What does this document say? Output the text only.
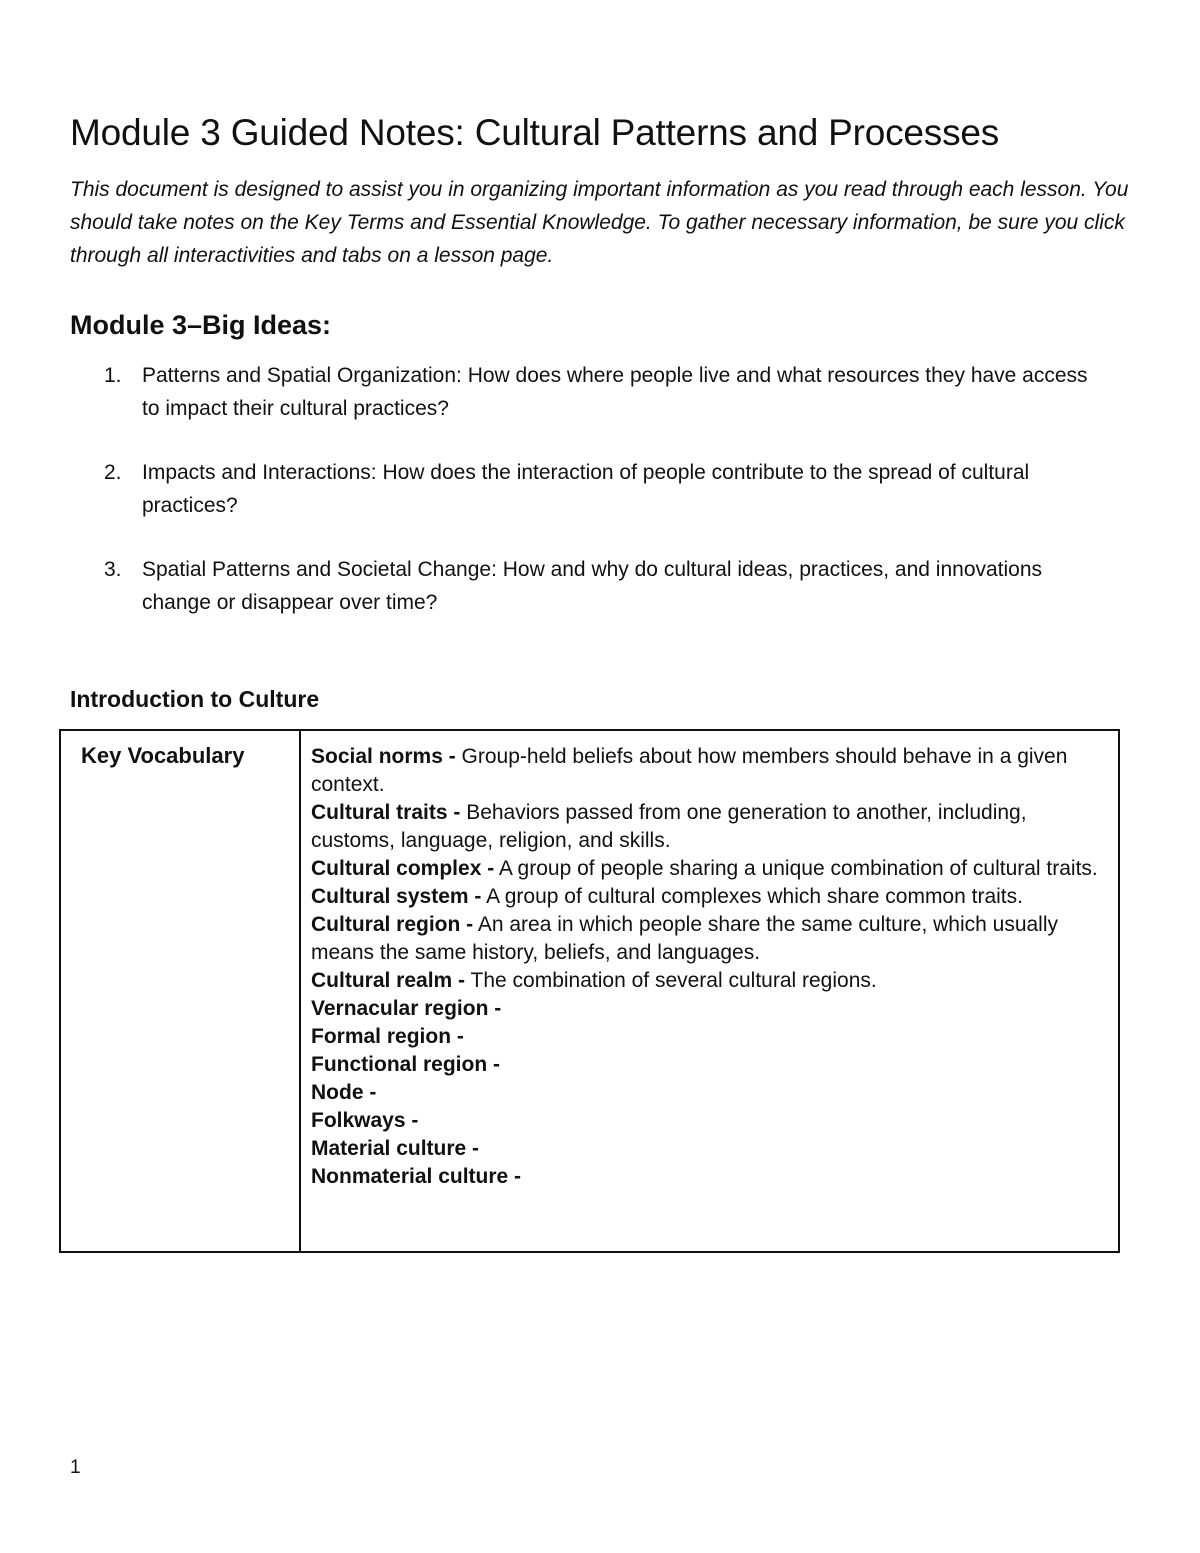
Module 3 Guided Notes: Cultural Patterns and Processes

This document is designed to assist you in organizing important information as you read through each lesson. You should take notes on the Key Terms and Essential Knowledge. To gather necessary information, be sure you click through all interactivities and tabs on a lesson page.

Module 3–Big Ideas:
1. Patterns and Spatial Organization: How does where people live and what resources they have access to impact their cultural practices?
2. Impacts and Interactions: How does the interaction of people contribute to the spread of cultural practices?
3. Spatial Patterns and Societal Change: How and why do cultural ideas, practices, and innovations change or disappear over time?
Introduction to Culture
Key Vocabulary	Social norms - Group-held beliefs about how members should behave in a given context.

Cultural traits - Behaviors passed from one generation to another, including, customs, language, religion, and skills.

Cultural complex - A group of people sharing a unique combination of cultural traits.

Cultural system - A group of cultural complexes which share common traits.

Cultural region - An area in which people share the same culture, which usually means the same history, beliefs, and languages.

Cultural realm - The combination of several cultural regions.

Vernacular region -

Formal region -

Functional region -

Node -

Folkways -

Material culture -

Nonmaterial culture -

1
